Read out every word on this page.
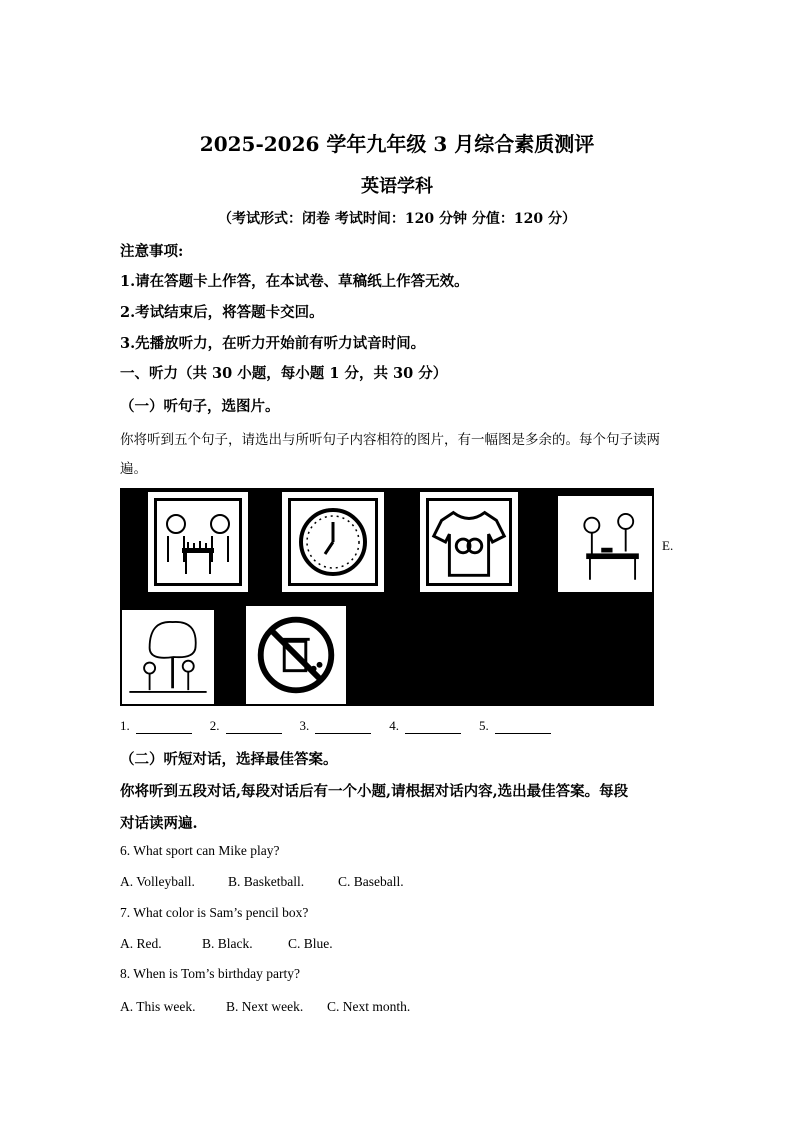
2025-2026 学年九年级 3 月综合素质测评
英语学科
（考试形式：闭卷 考试时间：120 分钟 分值：120 分）
注意事项:
1.请在答题卡上作答，在本试卷、草稿纸上作答无效。
2.考试结束后，将答题卡交回。
3.先播放听力，在听力开始前有听力试音时间。
一、听力（共 30 小题，每小题 1 分，共 30 分）
（一）听句子，选图片。
你将听到五个句子，请选出与所听句子内容相符的图片，有一幅图是多余的。每个句子读两
遍。
E.
1.	2.	3.	4.	5.
（二）听短对话，选择最佳答案。
你将听到五段对话,每段对话后有一个小题,请根据对话内容,选出最佳答案。每段
对话读两遍.
6. What sport can Mike play?
A. Volleyball. B. Basketball.	C. Baseball.
7. What color is Sam’s pencil box?
A. Red.	B. Black.	C. Blue.
8. When is Tom’s birthday party?
A. This week. B. Next week. C. Next month.
